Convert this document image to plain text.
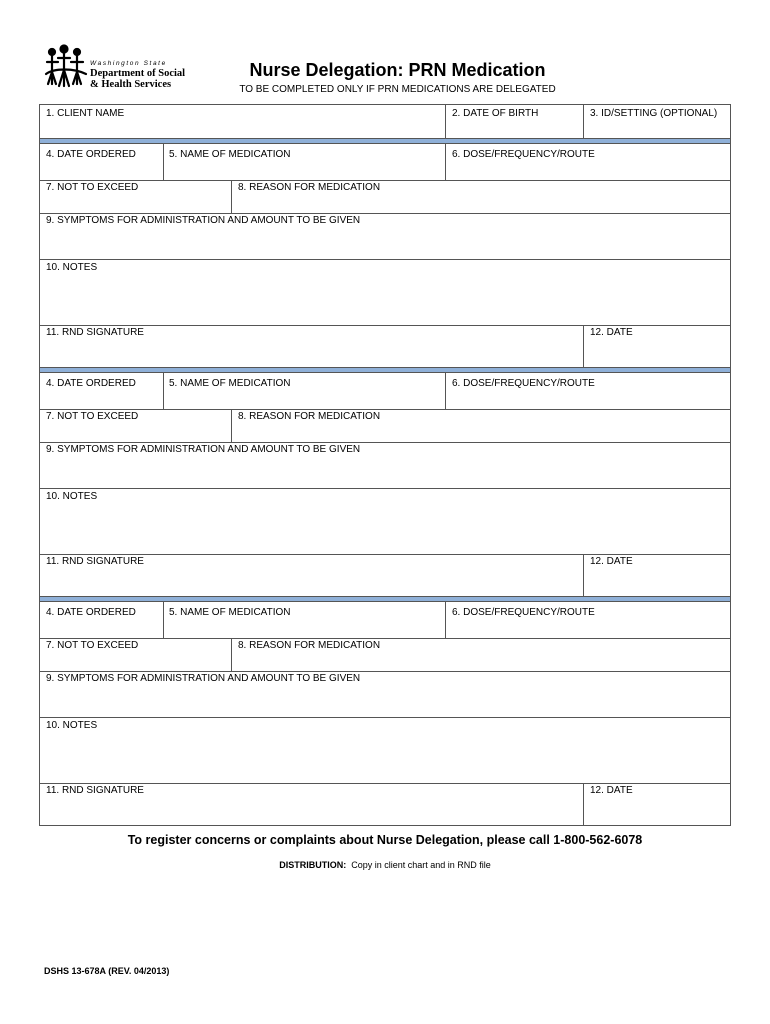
Washington State
Department of Social
& Health Services
Nurse Delegation: PRN Medication
TO BE COMPLETED ONLY IF PRN MEDICATIONS ARE DELEGATED
1. CLIENT NAME	2. DATE OF BIRTH	3. ID/SETTING (OPTIONAL)
4. DATE ORDERED	5. NAME OF MEDICATION	6. DOSE/FREQUENCY/ROUTE
7. NOT TO EXCEED	8. REASON FOR MEDICATION
9. SYMPTOMS FOR ADMINISTRATION AND AMOUNT TO BE GIVEN
10. NOTES
11. RND SIGNATURE	12. DATE
4. DATE ORDERED	5. NAME OF MEDICATION	6. DOSE/FREQUENCY/ROUTE
7. NOT TO EXCEED	8. REASON FOR MEDICATION
9. SYMPTOMS FOR ADMINISTRATION AND AMOUNT TO BE GIVEN
10. NOTES
11. RND SIGNATURE	12. DATE
4. DATE ORDERED	5. NAME OF MEDICATION	6. DOSE/FREQUENCY/ROUTE
7. NOT TO EXCEED	8. REASON FOR MEDICATION
9. SYMPTOMS FOR ADMINISTRATION AND AMOUNT TO BE GIVEN
10. NOTES
11. RND SIGNATURE	12. DATE
To register concerns or complaints about Nurse Delegation, please call 1-800-562-6078
DISTRIBUTION: Copy in client chart and in RND file
DSHS 13-678A (REV. 04/2013)
